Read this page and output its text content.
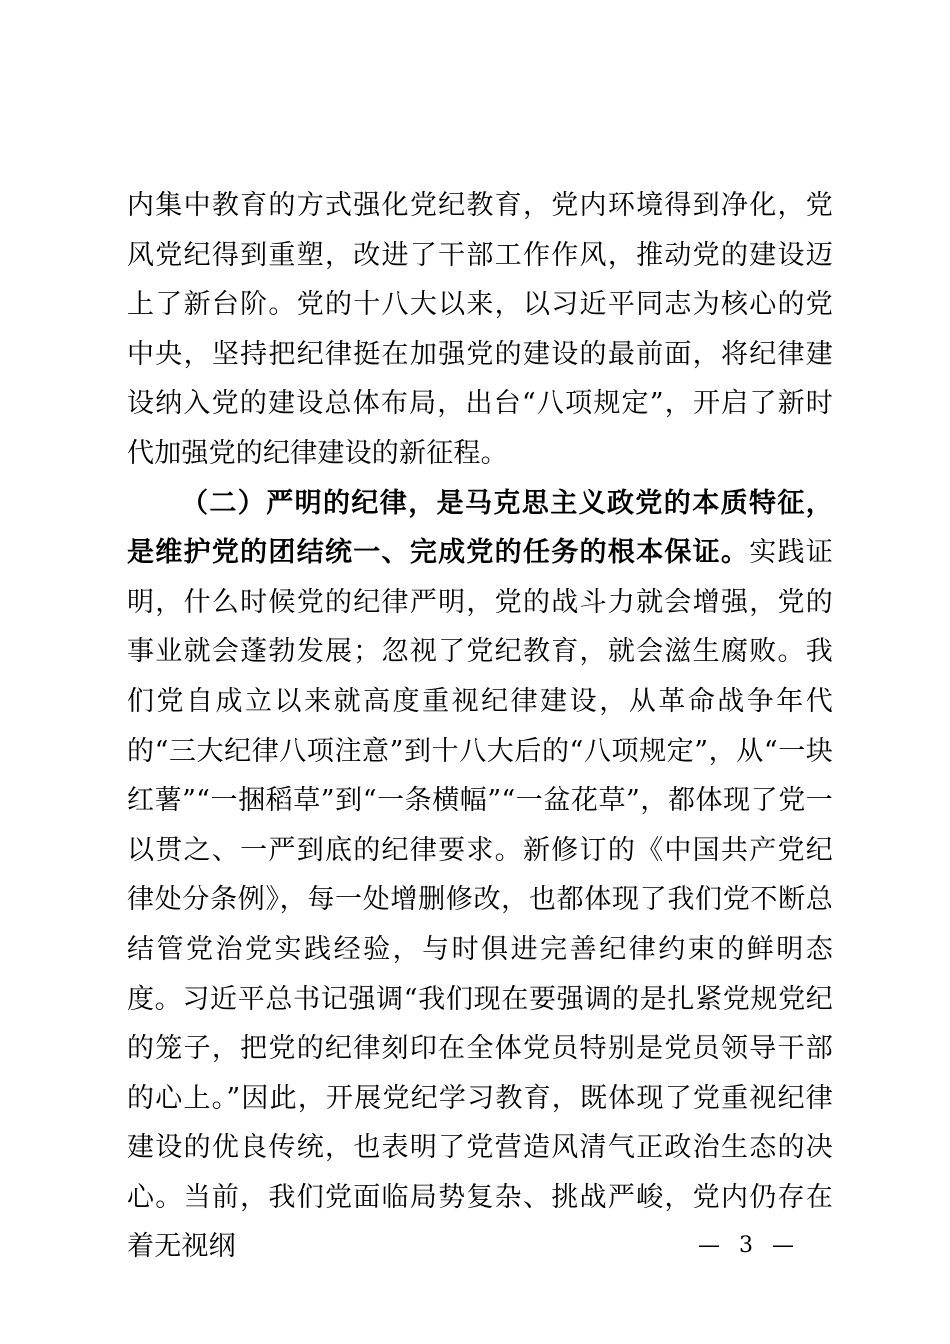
内集中教育的方式强化党纪教育，党内环境得到净化，党风党纪得到重塑，改进了干部工作作风，推动党的建设迈上了新台阶。党的十八大以来，以习近平同志为核心的党中央，坚持把纪律挺在加强党的建设的最前面，将纪律建设纳入党的建设总体布局，出台“八项规定”，开启了新时代加强党的纪律建设的新征程。

（二）严明的纪律，是马克思主义政党的本质特征，是维护党的团结统一、完成党的任务的根本保证。实践证明，什么时候党的纪律严明，党的战斗力就会增强，党的事业就会蓬勃发展；忽视了党纪教育，就会滋生腐败。我们党自成立以来就高度重视纪律建设，从革命战争年代的“三大纪律八项注意”到十八大后的“八项规定”，从“一块红薯”“一捆稻草”到“一条横幅”“一盆花草”，都体现了党一以贯之、一严到底的纪律要求。新修订的《中国共产党纪律处分条例》，每一处增删修改，也都体现了我们党不断总结管党治党实践经验，与时俱进完善纪律约束的鲜明态度。习近平总书记强调“我们现在要强调的是扎紧党规党纪的笼子，把党的纪律刻印在全体党员特别是党员领导干部的心上。”因此，开展党纪学习教育，既体现了党重视纪律建设的优良传统，也表明了党营造风清气正政治生态的决心。当前，我们党面临局势复杂、挑战严峻，党内仍存在着无视纲	— 3 —
